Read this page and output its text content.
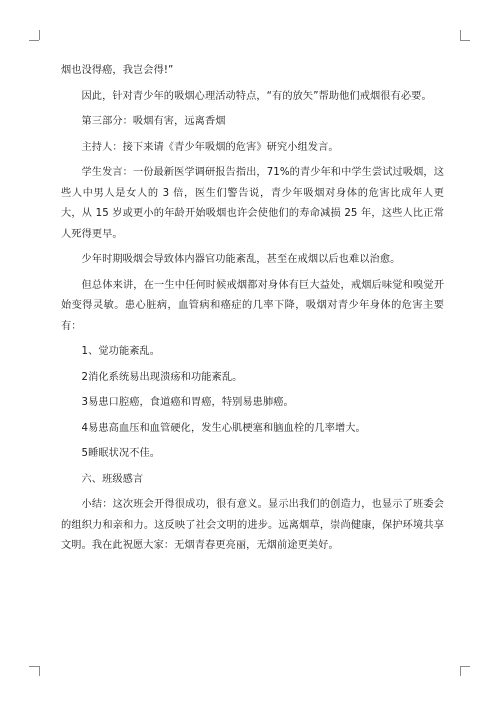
烟也没得癌，我岂会得!”

因此，针对青少年的吸烟心理活动特点，“有的放矢”帮助他们戒烟很有必要。

第三部分：吸烟有害，远离香烟

主持人：接下来请《青少年吸烟的危害》研究小组发言。

学生发言：一份最新医学调研报告指出，71%的青少年和中学生尝试过吸烟，这些人中男人是女人的 3 倍，医生们警告说，青少年吸烟对身体的危害比成年人更大，从 15 岁或更小的年龄开始吸烟也许会使他们的寿命减损 25 年，这些人比正常人死得更早。

少年时期吸烟会导致体内器官功能紊乱，甚至在戒烟以后也难以治愈。

但总体来讲，在一生中任何时候戒烟都对身体有巨大益处，戒烟后味觉和嗅觉开始变得灵敏。患心脏病，血管病和癌症的几率下降，吸烟对青少年身体的危害主要有：

1、觉功能紊乱。

2消化系统易出现溃疡和功能紊乱。

3易患口腔癌，食道癌和胃癌，特别易患肺癌。

4易患高血压和血管硬化，发生心肌梗塞和脑血栓的几率增大。

5睡眠状况不佳。

六、班级感言

小结：这次班会开得很成功，很有意义。显示出我们的创造力，也显示了班委会的组织力和亲和力。这反映了社会文明的进步。远离烟草，崇尚健康，保护环境共享文明。我在此祝愿大家：无烟青春更亮丽，无烟前途更美好。
